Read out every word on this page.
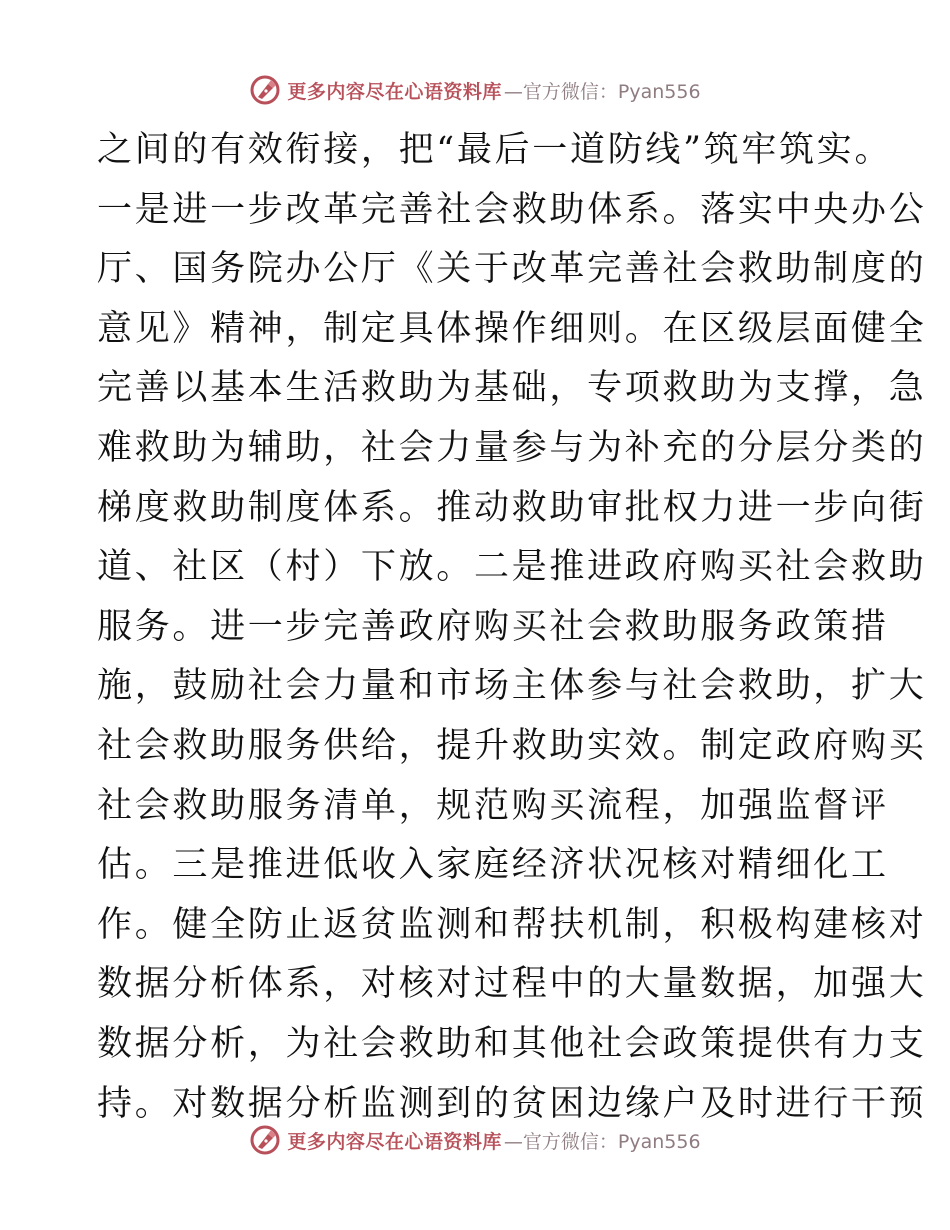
更多内容尽在心语资料库 —官方微信：Pyan556
之间的有效衔接，把“最后一道防线”筑牢筑实。
一是进一步改革完善社会救助体系。落实中央办公
厅、国务院办公厅《关于改革完善社会救助制度的
意见》精神，制定具体操作细则。在区级层面健全
完善以基本生活救助为基础，专项救助为支撑，急
难救助为辅助，社会力量参与为补充的分层分类的
梯度救助制度体系。推动救助审批权力进一步向街
道、社区（村）下放。二是推进政府购买社会救助
服务。进一步完善政府购买社会救助服务政策措
施，鼓励社会力量和市场主体参与社会救助，扩大
社会救助服务供给，提升救助实效。制定政府购买
社会救助服务清单，规范购买流程，加强监督评
估。三是推进低收入家庭经济状况核对精细化工
作。健全防止返贫监测和帮扶机制，积极构建核对
数据分析体系，对核对过程中的大量数据，加强大
数据分析，为社会救助和其他社会政策提供有力支
持。对数据分析监测到的贫困边缘户及时进行干预
更多内容尽在心语资料库 —官方微信：Pyan556
